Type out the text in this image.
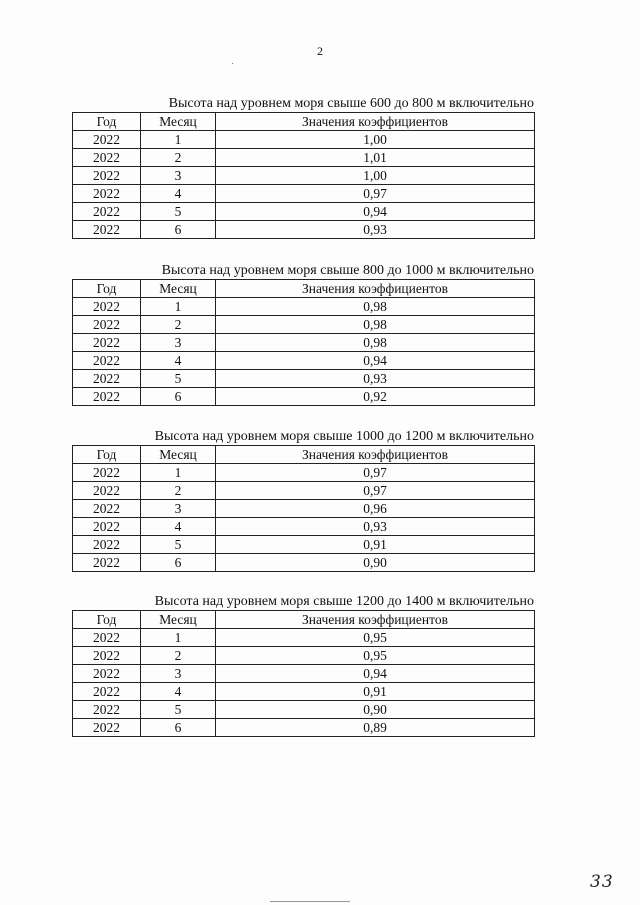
2
Высота над уровнем моря свыше 600 до 800 м включительно
Год	Месяц	Значения коэффициентов
2022	1	1,00
2022	2	1,01
2022	3	1,00
2022	4	0,97
2022	5	0,94
2022	6	0,93
Высота над уровнем моря свыше 800 до 1000 м включительно
Год	Месяц	Значения коэффициентов
2022	1	0,98
2022	2	0,98
2022	3	0,98
2022	4	0,94
2022	5	0,93
2022	6	0,92
Высота над уровнем моря свыше 1000 до 1200 м включительно
Год	Месяц	Значения коэффициентов
2022	1	0,97
2022	2	0,97
2022	3	0,96
2022	4	0,93
2022	5	0,91
2022	6	0,90
Высота над уровнем моря свыше 1200 до 1400 м включительно
Год	Месяц	Значения коэффициентов
2022	1	0,95
2022	2	0,95
2022	3	0,94
2022	4	0,91
2022	5	0,90
2022	6	0,89
33
